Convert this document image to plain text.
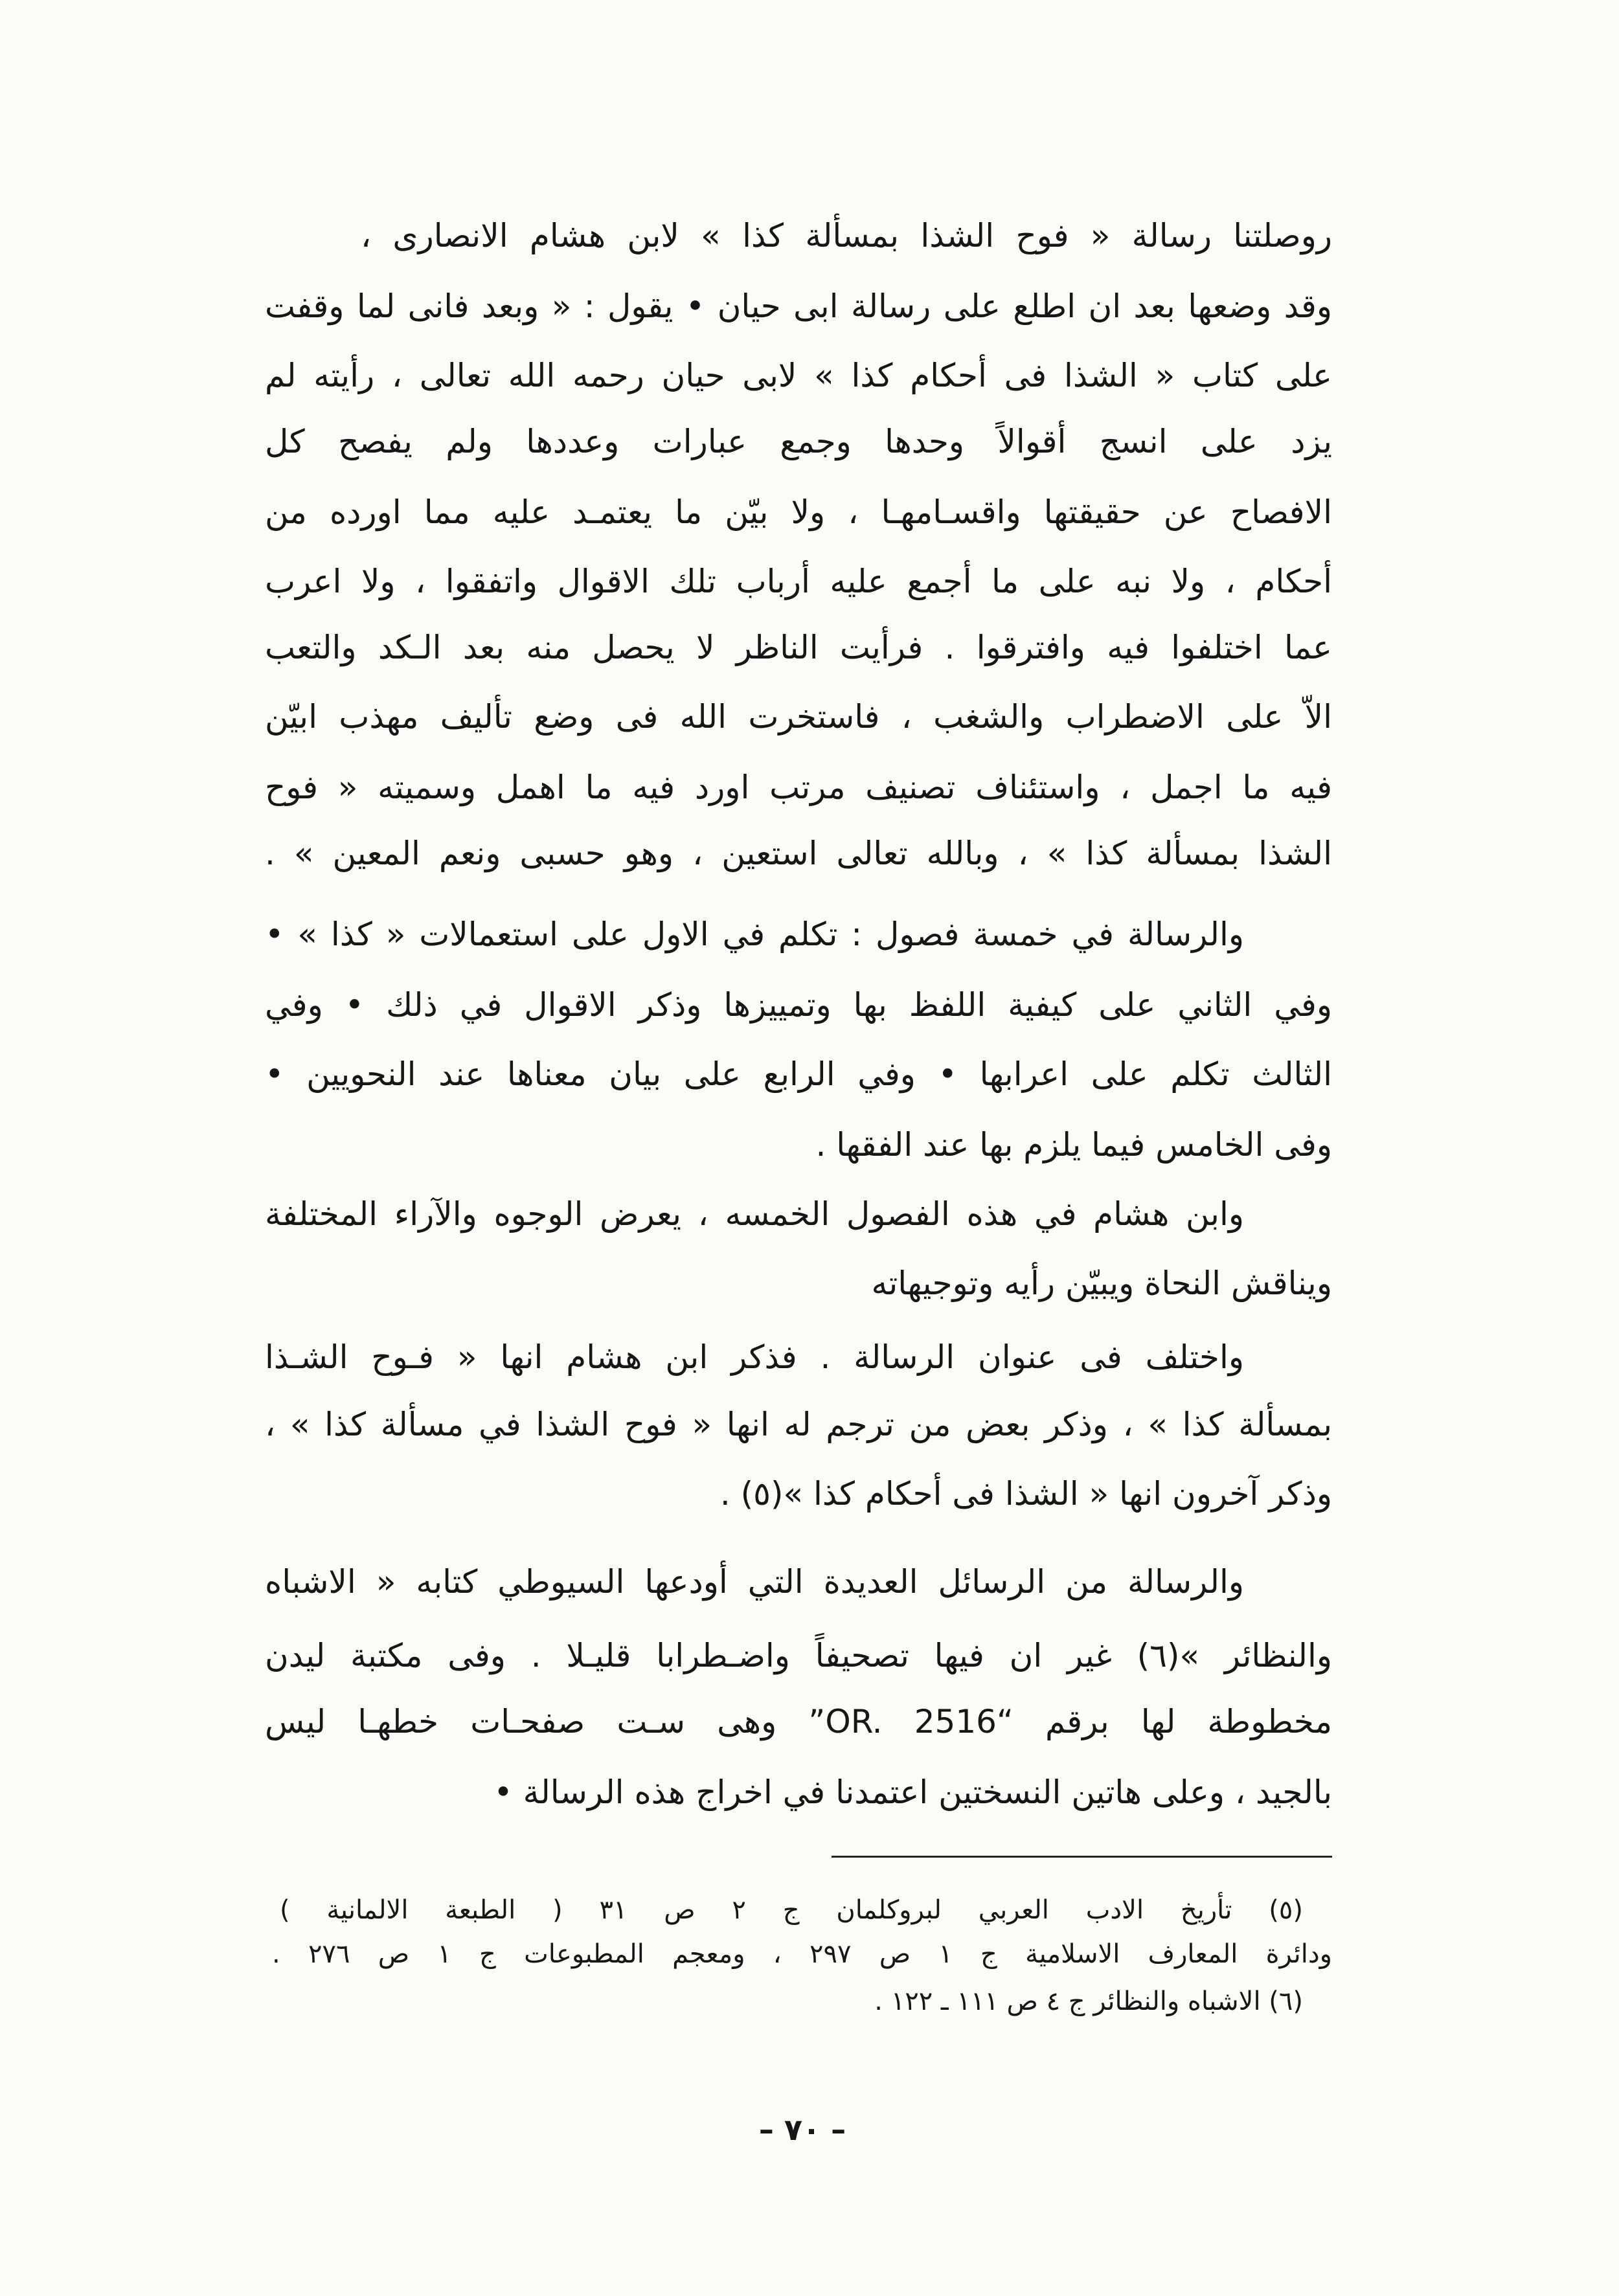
روصلتنا رسالة « فوح الشذا بمسألة كذا » لابن هشام الانصارى ،
وقد وضعها بعد ان اطلع على رسالة ابى حيان • يقول : « وبعد فانى لما وقفت
على كتاب « الشذا فى أحكام كذا » لابى حيان رحمه الله تعالى ، رأيته لم
يزد على انسج أقوالاً وحدها وجمع عبارات وعددها ولم يفصح كل
الافصاح عن حقيقتها واقسـامهـا ، ولا بيّن ما يعتمـد عليه مما اورده من
أحكام ، ولا نبه على ما أجمع عليه أرباب تلك الاقوال واتفقوا ، ولا اعرب
عما اختلفوا فيه وافترقوا . فرأيت الناظر لا يحصل منه بعد الـكد والتعب
الاّ على الاضطراب والشغب ، فاستخرت الله فى وضع تأليف مهذب ابيّن
فيه ما اجمل ، واستئناف تصنيف مرتب اورد فيه ما اهمل وسميته « فوح
الشذا بمسألة كذا » ، وبالله تعالى استعين ، وهو حسبى ونعم المعين » .
والرسالة في خمسة فصول : تكلم في الاول على استعمالات « كذا » •
وفي الثاني على كيفية اللفظ بها وتمييزها وذكر الاقوال في ذلك • وفي
الثالث تكلم على اعرابها • وفي الرابع على بيان معناها عند النحويين •
وفى الخامس فيما يلزم بها عند الفقها .
وابن هشام في هذه الفصول الخمسه ، يعرض الوجوه والآراء المختلفة
ويناقش النحاة ويبيّن رأيه وتوجيهاته
واختلف فى عنوان الرسالة . فذكر ابن هشام انها « فـوح الشـذا
بمسألة كذا » ، وذكر بعض من ترجم له انها « فوح الشذا في مسألة كذا » ،
وذكر آخرون انها « الشذا فى أحكام كذا »(٥) .
والرسالة من الرسائل العديدة التي أودعها السيوطي كتابه « الاشباه
والنظائر »(٦) غير ان فيها تصحيفاً واضـطرابا قليـلا . وفى مكتبة ليدن
مخطوطة لها برقم “OR. 2516” وهى سـت صفحـات خطهـا ليس
بالجيد ، وعلى هاتين النسختين اعتمدنا في اخراج هذه الرسالة •
(٥) تأريخ الادب العربي لبروكلمان ج ٢ ص ٣١ ( الطبعة الالمانية )
ودائرة المعارف الاسلامية ج ١ ص ٢٩٧ ، ومعجم المطبوعات ج ١ ص ٢٧٦ .
(٦) الاشباه والنظائر ج ٤ ص ١١١ ـ ١٢٢ .
– ٧٠ –
